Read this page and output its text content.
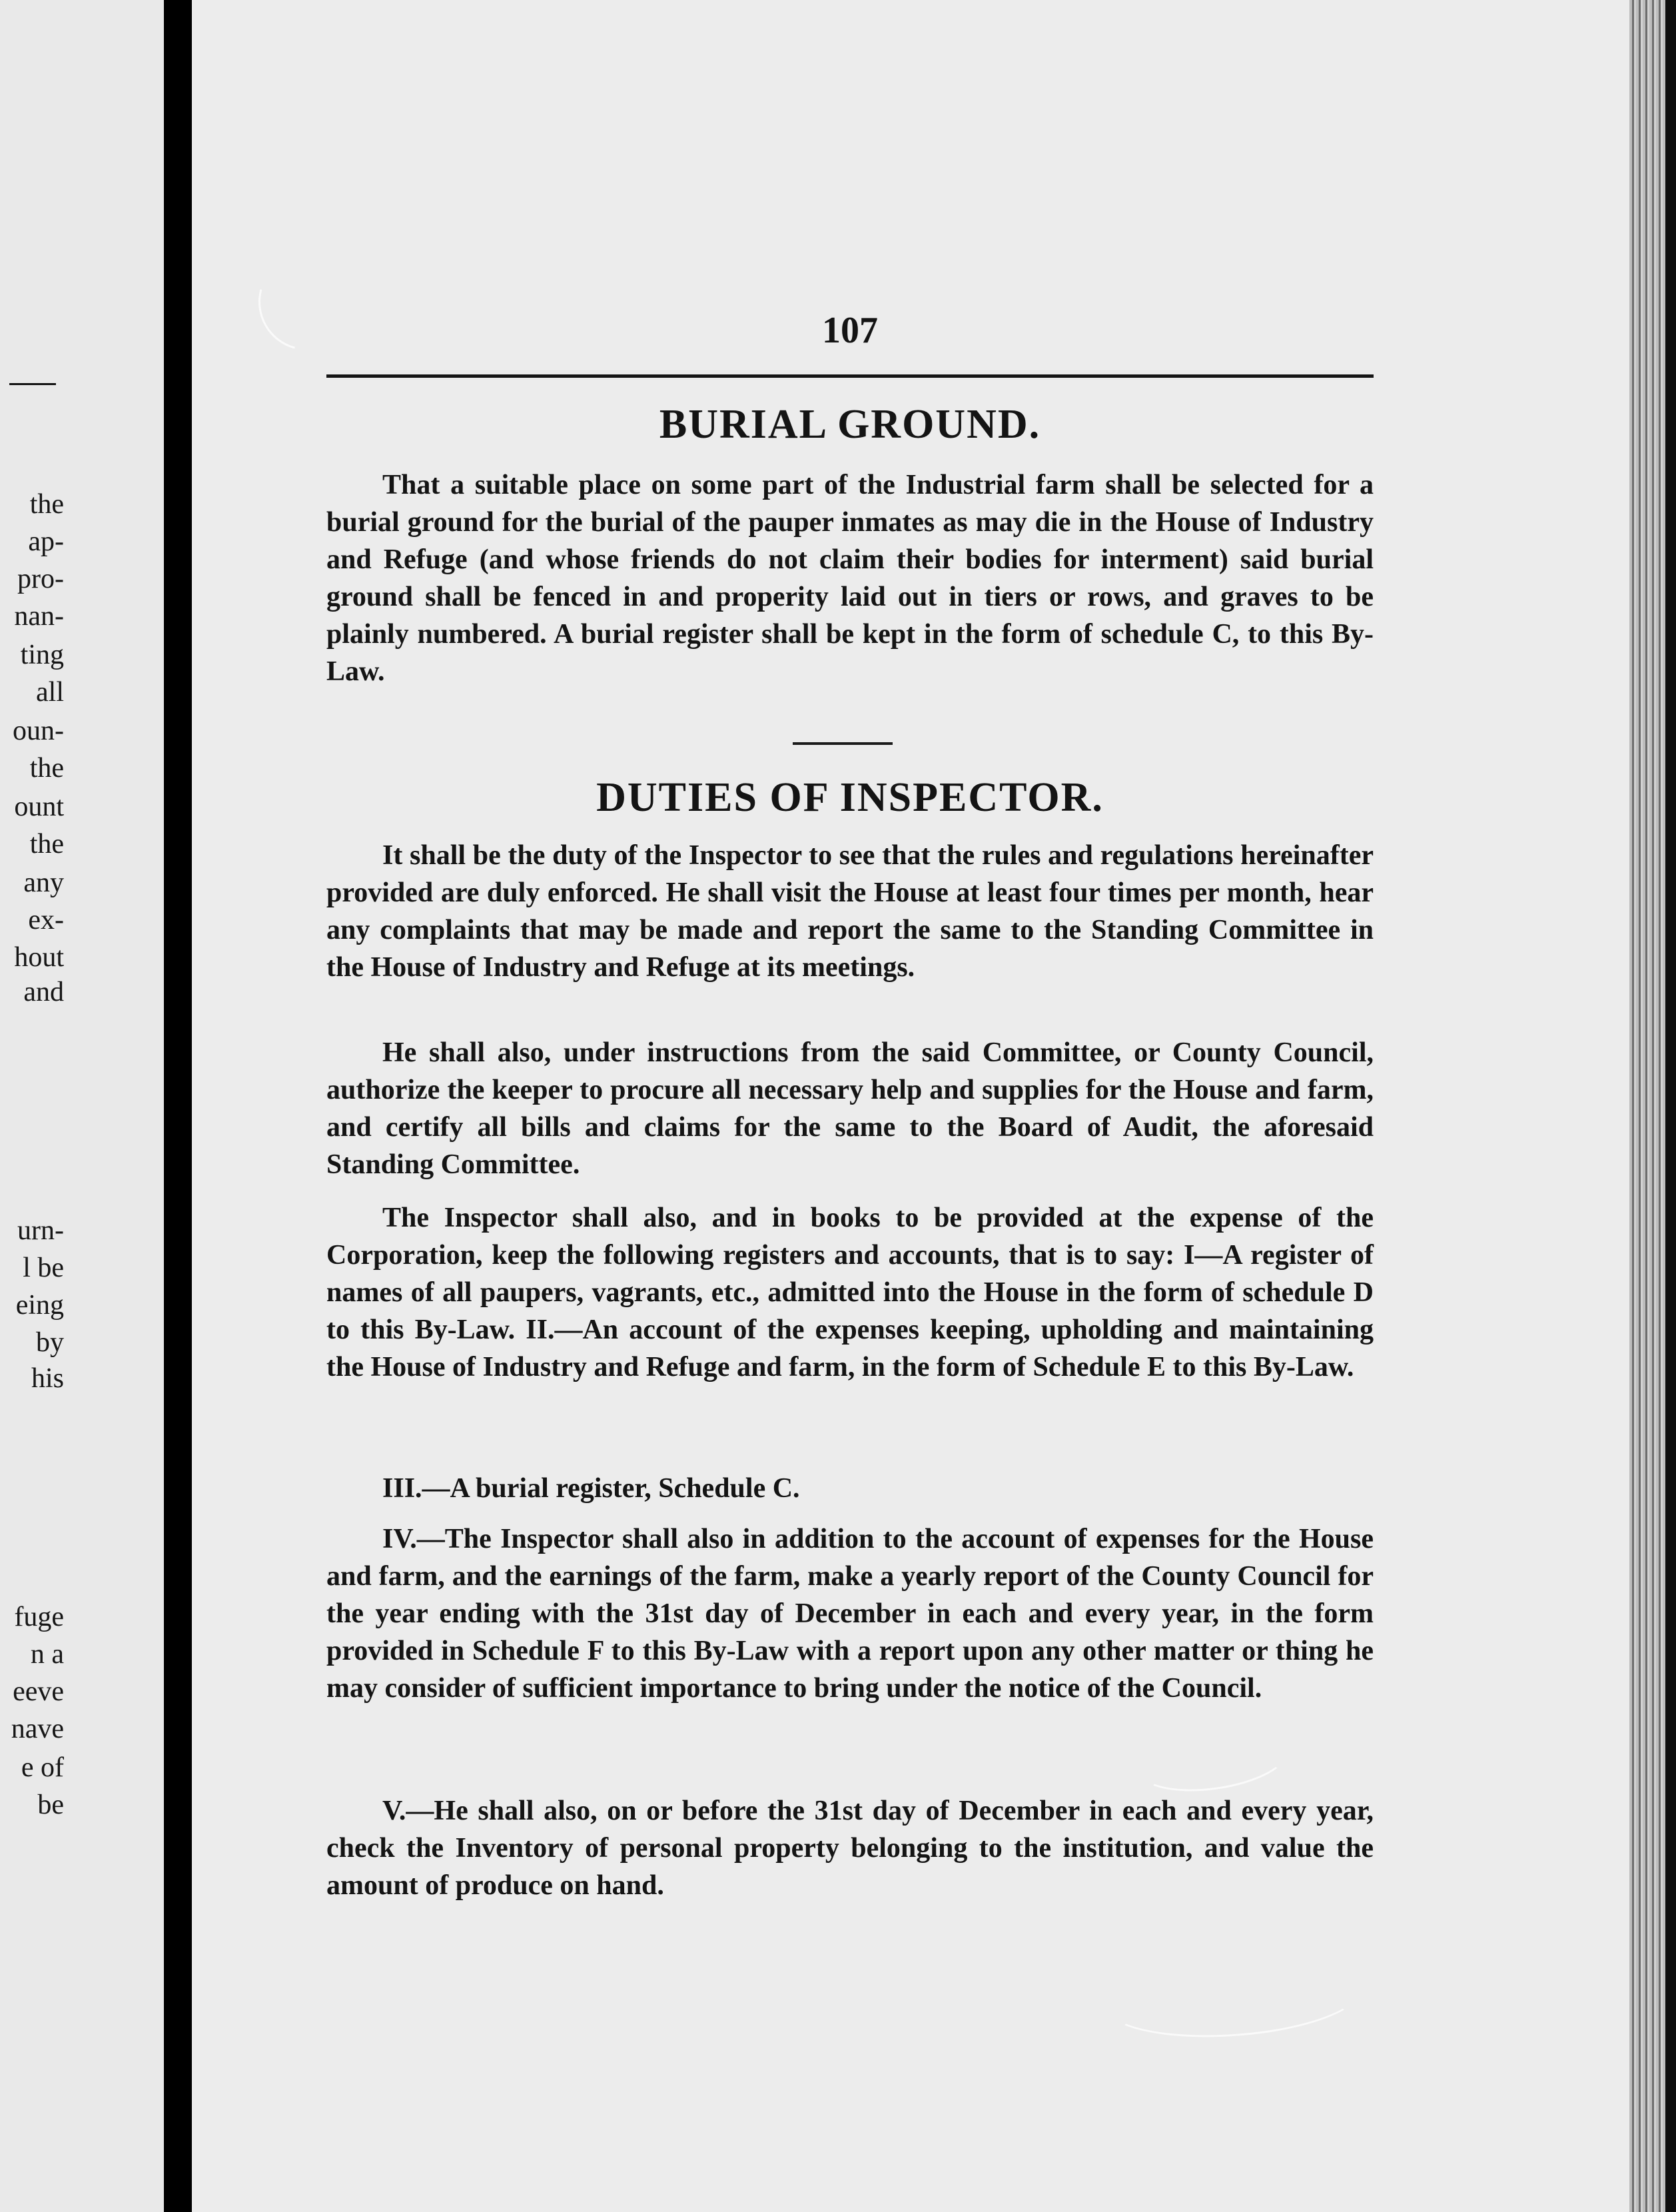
the
ap-
pro-
nan-
ting
all
oun-
the
ount
the
any
ex-
hout
and
urn-
l be
eing
by
his
fuge
n a
eeve
nave
e of
be
107
BURIAL GROUND.

That a suitable place on some part of the Industrial farm shall be selected for a burial ground for the burial of the pauper inmates as may die in the House of Industry and Refuge (and whose friends do not claim their bodies for interment) said burial ground shall be fenced in and properity laid out in tiers or rows, and graves to be plainly numbered. A burial register shall be kept in the form of schedule C, to this By-Law.

DUTIES OF INSPECTOR.

It shall be the duty of the Inspector to see that the rules and regulations hereinafter provided are duly enforced. He shall visit the House at least four times per month, hear any complaints that may be made and report the same to the Standing Committee in the House of Industry and Refuge at its meetings.

He shall also, under instructions from the said Committee, or County Council, authorize the keeper to procure all necessary help and supplies for the House and farm, and certify all bills and claims for the same to the Board of Audit, the aforesaid Standing Committee.

The Inspector shall also, and in books to be provided at the expense of the Corporation, keep the following registers and accounts, that is to say: I—A register of names of all paupers, vagrants, etc., admitted into the House in the form of schedule D to this By-Law. II.—An account of the expenses keeping, upholding and maintaining the House of Industry and Refuge and farm, in the form of Schedule E to this By-Law.

III.—A burial register, Schedule C.

IV.—The Inspector shall also in addition to the account of expenses for the House and farm, and the earnings of the farm, make a yearly report of the County Council for the year ending with the 31st day of December in each and every year, in the form provided in Schedule F to this By-Law with a report upon any other matter or thing he may consider of sufficient importance to bring under the notice of the Council.

V.—He shall also, on or before the 31st day of December in each and every year, check the Inventory of personal property belonging to the institution, and value the amount of produce on hand.
